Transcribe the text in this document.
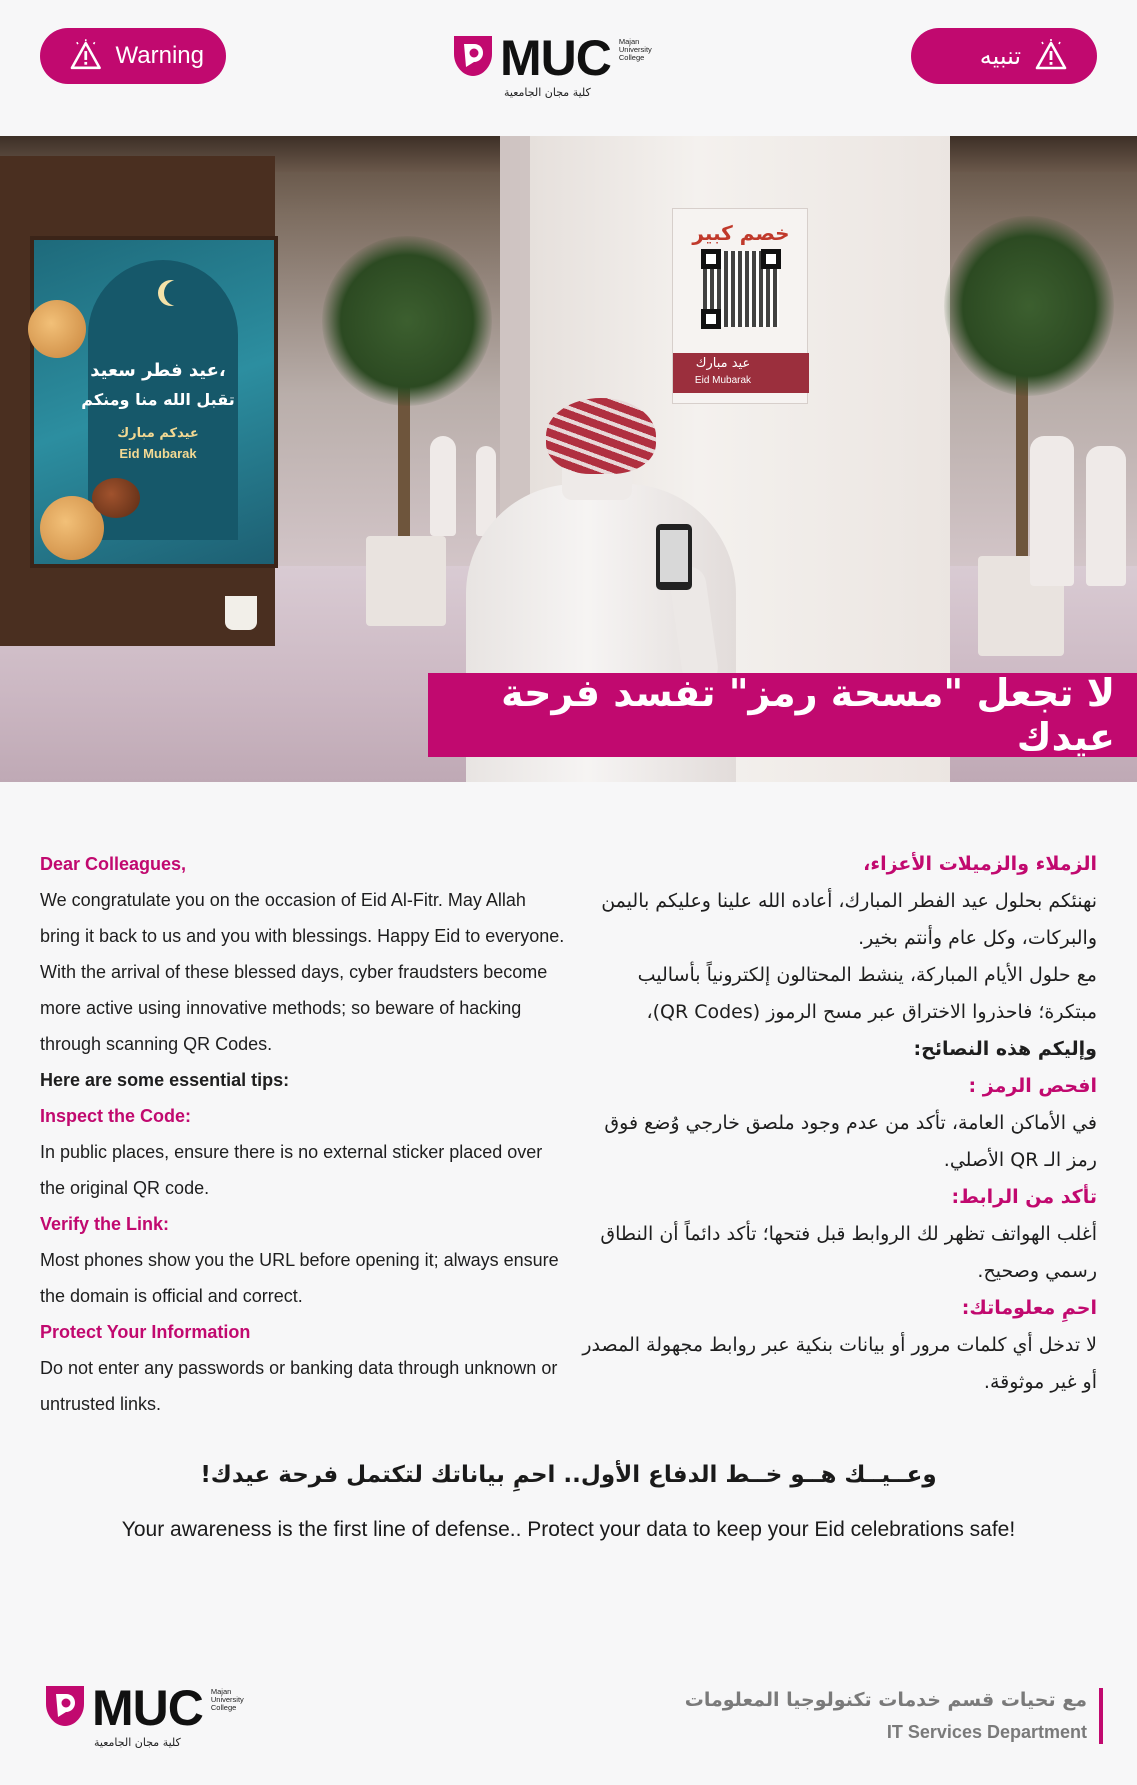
Warning	MUC Majan
University
College
كلية مجان الجامعية
تنبيه
عيد فطر سعيد،
تقبل الله منا ومنكم
عيدكم مبارك
Eid Mubarak
خصم كبير
عيد مبارك
Eid Mubarak
لا تجعل "مسحة رمز" تفسد فرحة عيدك
Dear Colleagues,
We congratulate you on the occasion of Eid Al-Fitr. May Allah bring it back to us and you with blessings. Happy Eid to everyone. With the arrival of these blessed days, cyber fraudsters become more active using innovative methods; so beware of hacking through scanning QR Codes.
Here are some essential tips:
Inspect the Code:
In public places, ensure there is no external sticker placed over the original QR code.
Verify the Link:
Most phones show you the URL before opening it; always ensure the domain is official and correct.
Protect Your Information
Do not enter any passwords or banking data through unknown or untrusted links.
الزملاء والزميلات الأعزاء،
نهنئكم بحلول عيد الفطر المبارك، أعاده الله علينا وعليكم باليمن والبركات، وكل عام وأنتم بخير.
مع حلول الأيام المباركة، ينشط المحتالون إلكترونياً بأساليب مبتكرة؛ فاحذروا الاختراق عبر مسح الرموز (QR Codes)،
وإليكم هذه النصائح:
افحص الرمز :
في الأماكن العامة، تأكد من عدم وجود ملصق خارجي وُضع فوق رمز الـ QR الأصلي.
تأكد من الرابط:
أغلب الهواتف تظهر لك الروابط قبل فتحها؛ تأكد دائماً أن النطاق رسمي وصحيح.
احمِ معلوماتك:
لا تدخل أي كلمات مرور أو بيانات بنكية عبر روابط مجهولة المصدر أو غير موثوقة.
وعــيــك هــو خــط الدفاع الأول.. احمِ بياناتك لتكتمل فرحة عيدك!
Your awareness is the first line of defense.. Protect your data to keep your Eid celebrations safe!
MUC Majan
University
College
كلية مجان الجامعية
مع تحيات قسم خدمات تكنولوجيا المعلومات
IT Services Department
